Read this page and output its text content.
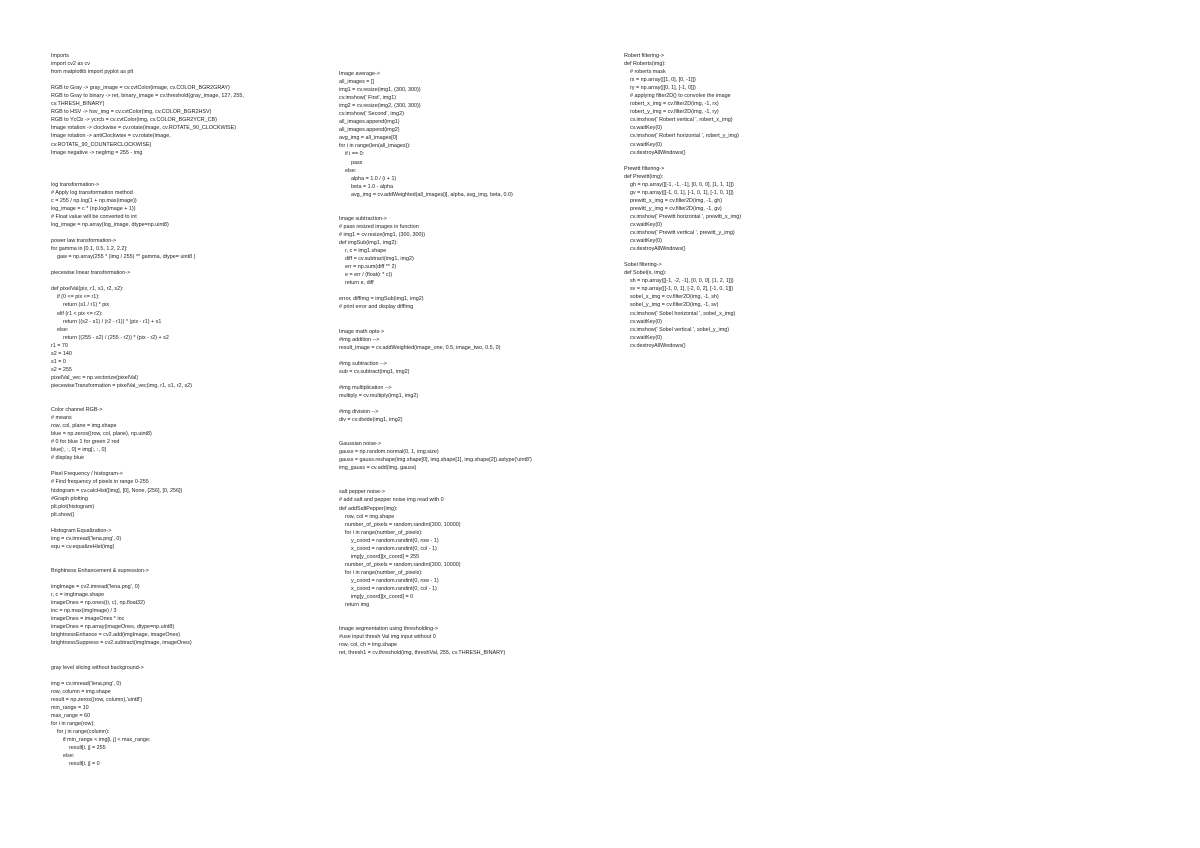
Imports
import cv2 as cv
from matplotlib import pyplot as plt
RGB to Gray -> gray_image = cv.cvtColor(image, cv.COLOR_BGR2GRAY)
RGB to Gray to binary -> ret, binary_image = cv.threshold(gray_image, 127, 255,
cv.THRESH_BINARY)
RGB to HSV -> hsv_img = cv.cvtColor(img, cv.COLOR_BGR2HSV)
RGB to YcCb -> ycrcb = cv.cvtColor(img, cv.COLOR_BGR2YCR_CB)
Image rotation -> clockwise = cv.rotate(image, cv.ROTATE_90_CLOCKWISE)
Image rotation -> antiClockwise = cv.rotate(image,
cv.ROTATE_90_COUNTERCLOCKWISE)
Image negative -> negImg = 255 - img
log transformation->
# Apply log transformation method
c = 255 / np.log(1 + np.max(image))
log_image = c * (np.log(image + 1))
# Float value will be converted to int
log_image = np.array(log_image, dtype=np.uint8)
power law transformation->
for gamma in [0.1, 0.5, 1.2, 2.2]:
gaw = np.array(255 * (img / 255) ** gamma, dtype= uint8 )
piecewise linear transformation->
def pixelVal(pix, r1, s1, r2, s2):
if (0 <= pix <= r1):
return (s1 / r1) * pix
elif (r1 < pix <= r2):
return ((s2 - s1) / (r2 - r1)) * (pix - r1) + s1
else:
return ((255 - s2) / (255 - r2)) * (pix - r2) + s2
r1 = 70
s2 = 140
s1 = 0
s2 = 255
pixelVal_vec = np.vectorize(pixelVal)
piecewiseTransformation = pixelVal_vec(img, r1, s1, r2, s2)
Color channel RGB->
# means
row, col, plane = img.shape
blue = np.zeros((row, col, plane), np.uint8)
# 0 for blue 1 for green 2 red
blue[:, :, 0] = img[:, :, 0]
# display blue
Pixel Frequency / histogram->
# Find frequency of pixels in range 0-255
histogram = cv.calcHist([img], [0], None, [256], [0, 256])
#Graph plotting
plt.plot(histogram)
plt.show()
Histogram Equalization->
img = cv.imread('lena.png', 0)
equ = cv.equalizeHist(img)
Brightness Enhancement & supression->
imgImage = cv2.imread('lena.png', 0)
r, c = imgImage.shape
imageOnes = np.ones((r, c), np.float32)
inc = np.max(imgImage) / 3
imageOnes = imageOnes * inc
imageOnes = np.array(imageOnes, dtype=np.uint8)
brightnessEnhance = cv2.add(imgImage, imageOnes)
brightnessSuppress = cv2.subtract(imgImage, imageOnes)
gray level slicing without background->
img = cv.imread('lena.png', 0)
row, column = img.shape
result = np.zeros((row, column),'uint8')
min_range = 10
max_range = 60
for i in range(row):
for j in range(column):
if min_range < img[i, j] < max_range:
result[i, j] = 255
else:
result[i, j] = 0
Image average->
all_images = []
img1 = cv.resize(img1, (300, 300))
cv.imshow(' First', img1)
img2 = cv.resize(img2, (300, 300))
cv.imshow(' Second', img2)
all_images.append(img1)
all_images.append(img2)
avg_img = all_images[0]
for i in range(len(all_images)):
if i == 0:
pass
else:
alpha = 1.0 / (i + 1)
beta = 1.0 - alpha
avg_img = cv.addWeighted(all_images[i], alpha, avg_img, beta, 0.0)
Image subtraction->
# pass resized images in function
# img1 = cv.resize(img1, (300, 300))
def imgSub(img1, img2):
r, c = img1.shape
diff = cv.subtract(img1, img2)
err = np.sum(diff ** 2)
e = err / (float(r * c))
return e, diff
error, diffImg = imgSub(img1, img2)
# print error and display diffImg
Image math opts->
#img addition -->
result_image = cv.addWeighted(image_one, 0.5, image_two, 0.5, 0)
#img subtraction -->
sub = cv.subtract(img1, img2)
#img multiplication -->
multiply = cv.multiply(img1, img2)
#img division -->
div = cv.divide(img1, img2)
Gaussian noise->
gauss = np.random.normal(0, 1, img.size)
gauss = gauss.reshape(img.shape[0], img.shape[1], img.shape[2]).astype('uint8')
img_gauss = cv.add(img, gauss)
salt pepper noise->
# add salt and pepper noise img read with 0
def addSaltPepper(img):
row, col = img.shape
number_of_pixels = random.randint(300, 10000)
for i in range(number_of_pixels):
y_coord = random.randint(0, row - 1)
x_coord = random.randint(0, col - 1)
img[y_coord][x_coord] = 255
number_of_pixels = random.randint(300, 10000)
for i in range(number_of_pixels):
y_coord = random.randint(0, row - 1)
x_coord = random.randint(0, col - 1)
img[y_coord][x_coord] = 0
return img
Image segmentation using thresholding->
#use input thresh Val img input without 0
row, col, ch = img.shape
ret, thresh1 = cv.threshold(img, threshVal, 255, cv.THRESH_BINARY)
Robert filtering->
def Roberts(img):
# roberts mask
rx = np.array([[1, 0], [0, -1]])
ry = np.array([[0, 1], [-1, 0]])
# applying filter2D() to convolve the image
robert_x_img = cv.filter2D(img, -1, rx)
robert_y_img = cv.filter2D(img, -1, ry)
cv.imshow(' Robert vertical ', robert_x_img)
cv.waitKey(0)
cv.imshow(' Robert horizontal ', robert_y_img)
cv.waitKey(0)
cv.destroyAllWindows()
Prewitt filtering->
def Prewitt(img):
gh = np.array([[-1, -1, -1], [0, 0, 0], [1, 1, 1]])
gv = np.array([[-1, 0, 1], [-1, 0, 1], [-1, 0, 1]])
prewitt_x_img = cv.filter2D(img, -1, gh)
prewitt_y_img = cv.filter2D(img, -1, gv)
cv.imshow(' Prewitt horizontal ', prewitt_x_img)
cv.waitKey(0)
cv.imshow(' Prewitt vertical ', prewitt_y_img)
cv.waitKey(0)
cv.destroyAllWindows()
Sobel filtering->
def Sobel(x, img):
sh = np.array([[-1, -2, -1], [0, 0, 0], [1, 2, 1]])
sv = np.array([[-1, 0, 1], [-2, 0, 2], [-1, 0, 1]])
sobel_x_img = cv.filter2D(img, -1, sh)
sobel_y_img = cv.filter2D(img, -1, sv)
cv.imshow(' Sobel horizontal ', sobel_x_img)
cv.waitKey(0)
cv.imshow(' Sobel vertical ', sobel_y_img)
cv.waitKey(0)
cv.destroyAllWindows()
